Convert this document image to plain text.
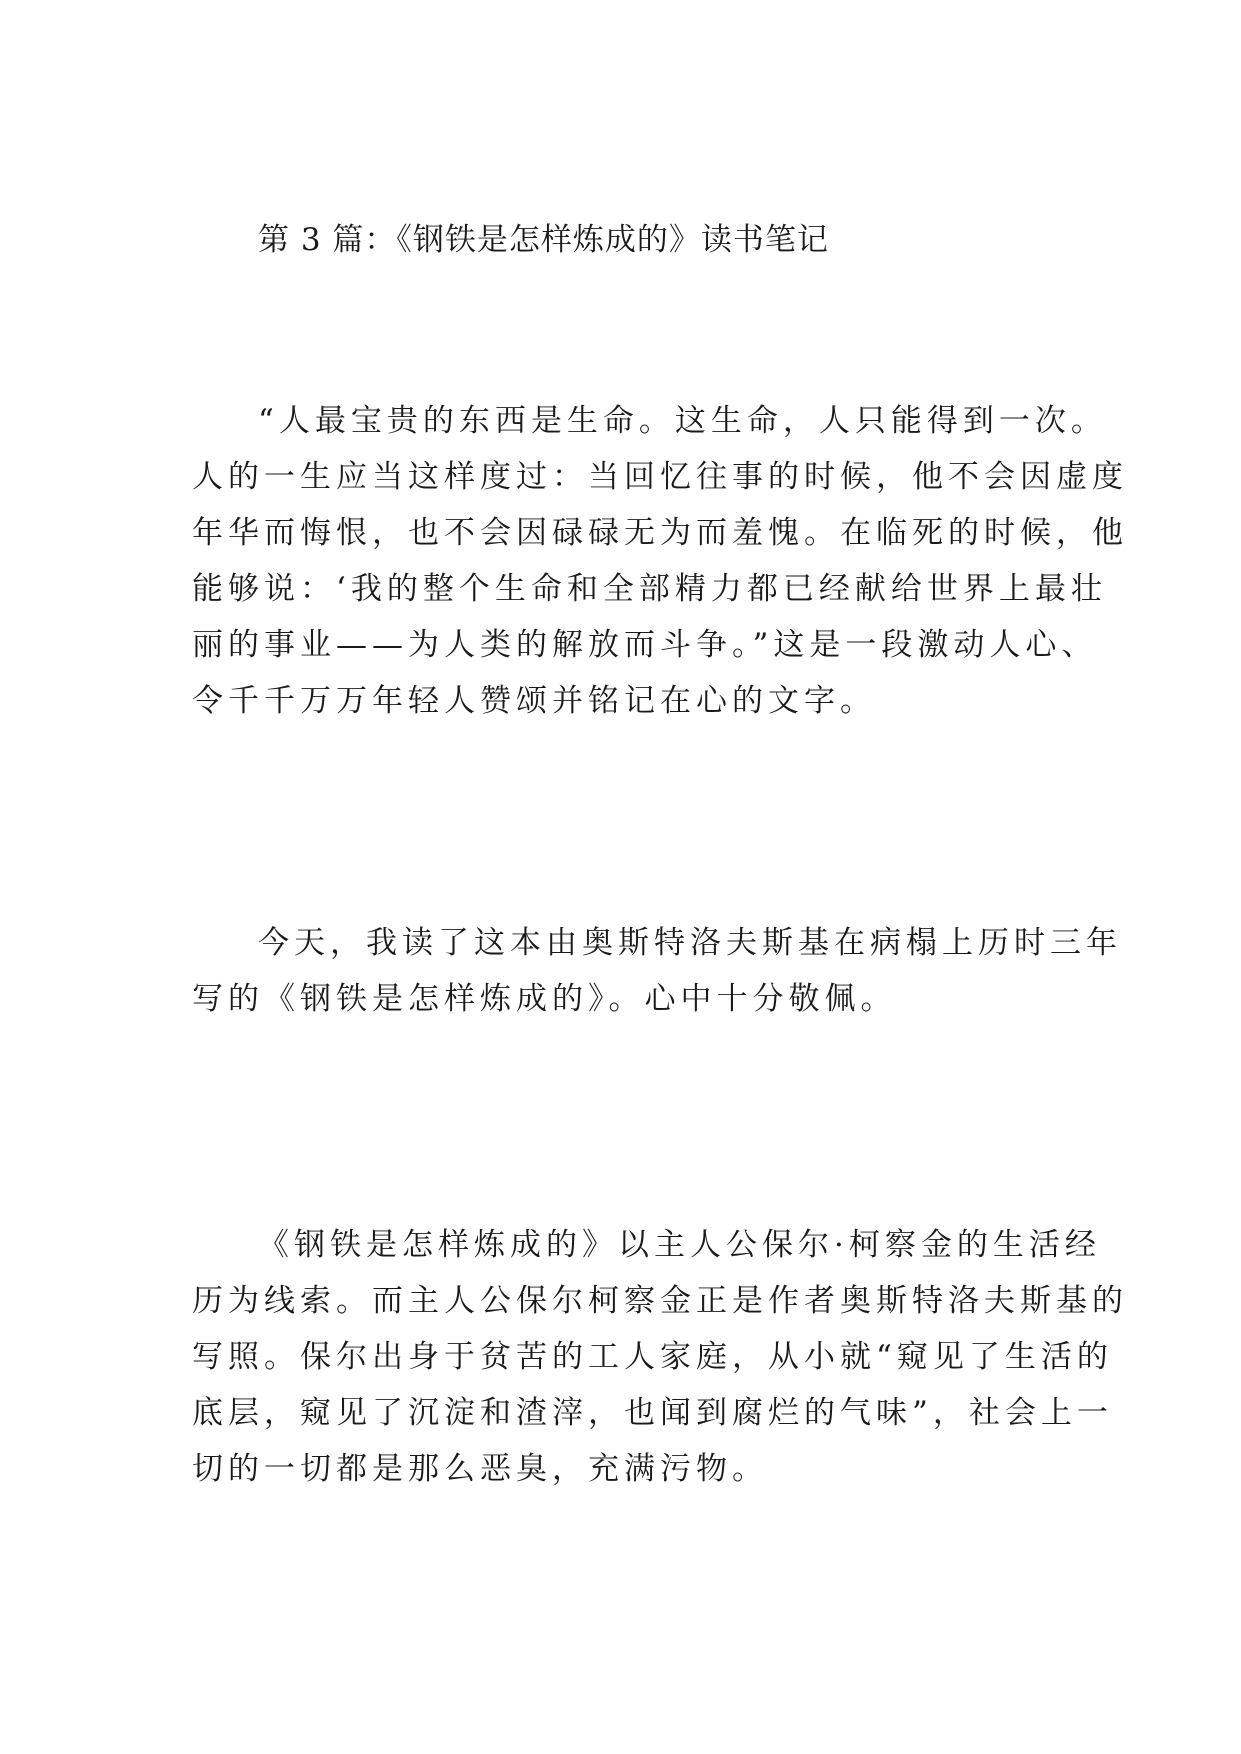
第 3 篇：《钢铁是怎样炼成的》读书笔记
“人最宝贵的东西是生命。这生命，人只能得到一次。
人的一生应当这样度过：当回忆往事的时候，他不会因虚度
年华而悔恨，也不会因碌碌无为而羞愧。在临死的时候，他
能够说：‘我的整个生命和全部精力都已经献给世界上最壮
丽的事业——为人类的解放而斗争。”这是一段激动人心、
令千千万万年轻人赞颂并铭记在心的文字。
今天，我读了这本由奥斯特洛夫斯基在病榻上历时三年
写的《钢铁是怎样炼成的》。心中十分敬佩。
《钢铁是怎样炼成的》以主人公保尔·柯察金的生活经
历为线索。而主人公保尔柯察金正是作者奥斯特洛夫斯基的
写照。保尔出身于贫苦的工人家庭，从小就“窥见了生活的
底层，窥见了沉淀和渣滓，也闻到腐烂的气味”，社会上一
切的一切都是那么恶臭，充满污物。
